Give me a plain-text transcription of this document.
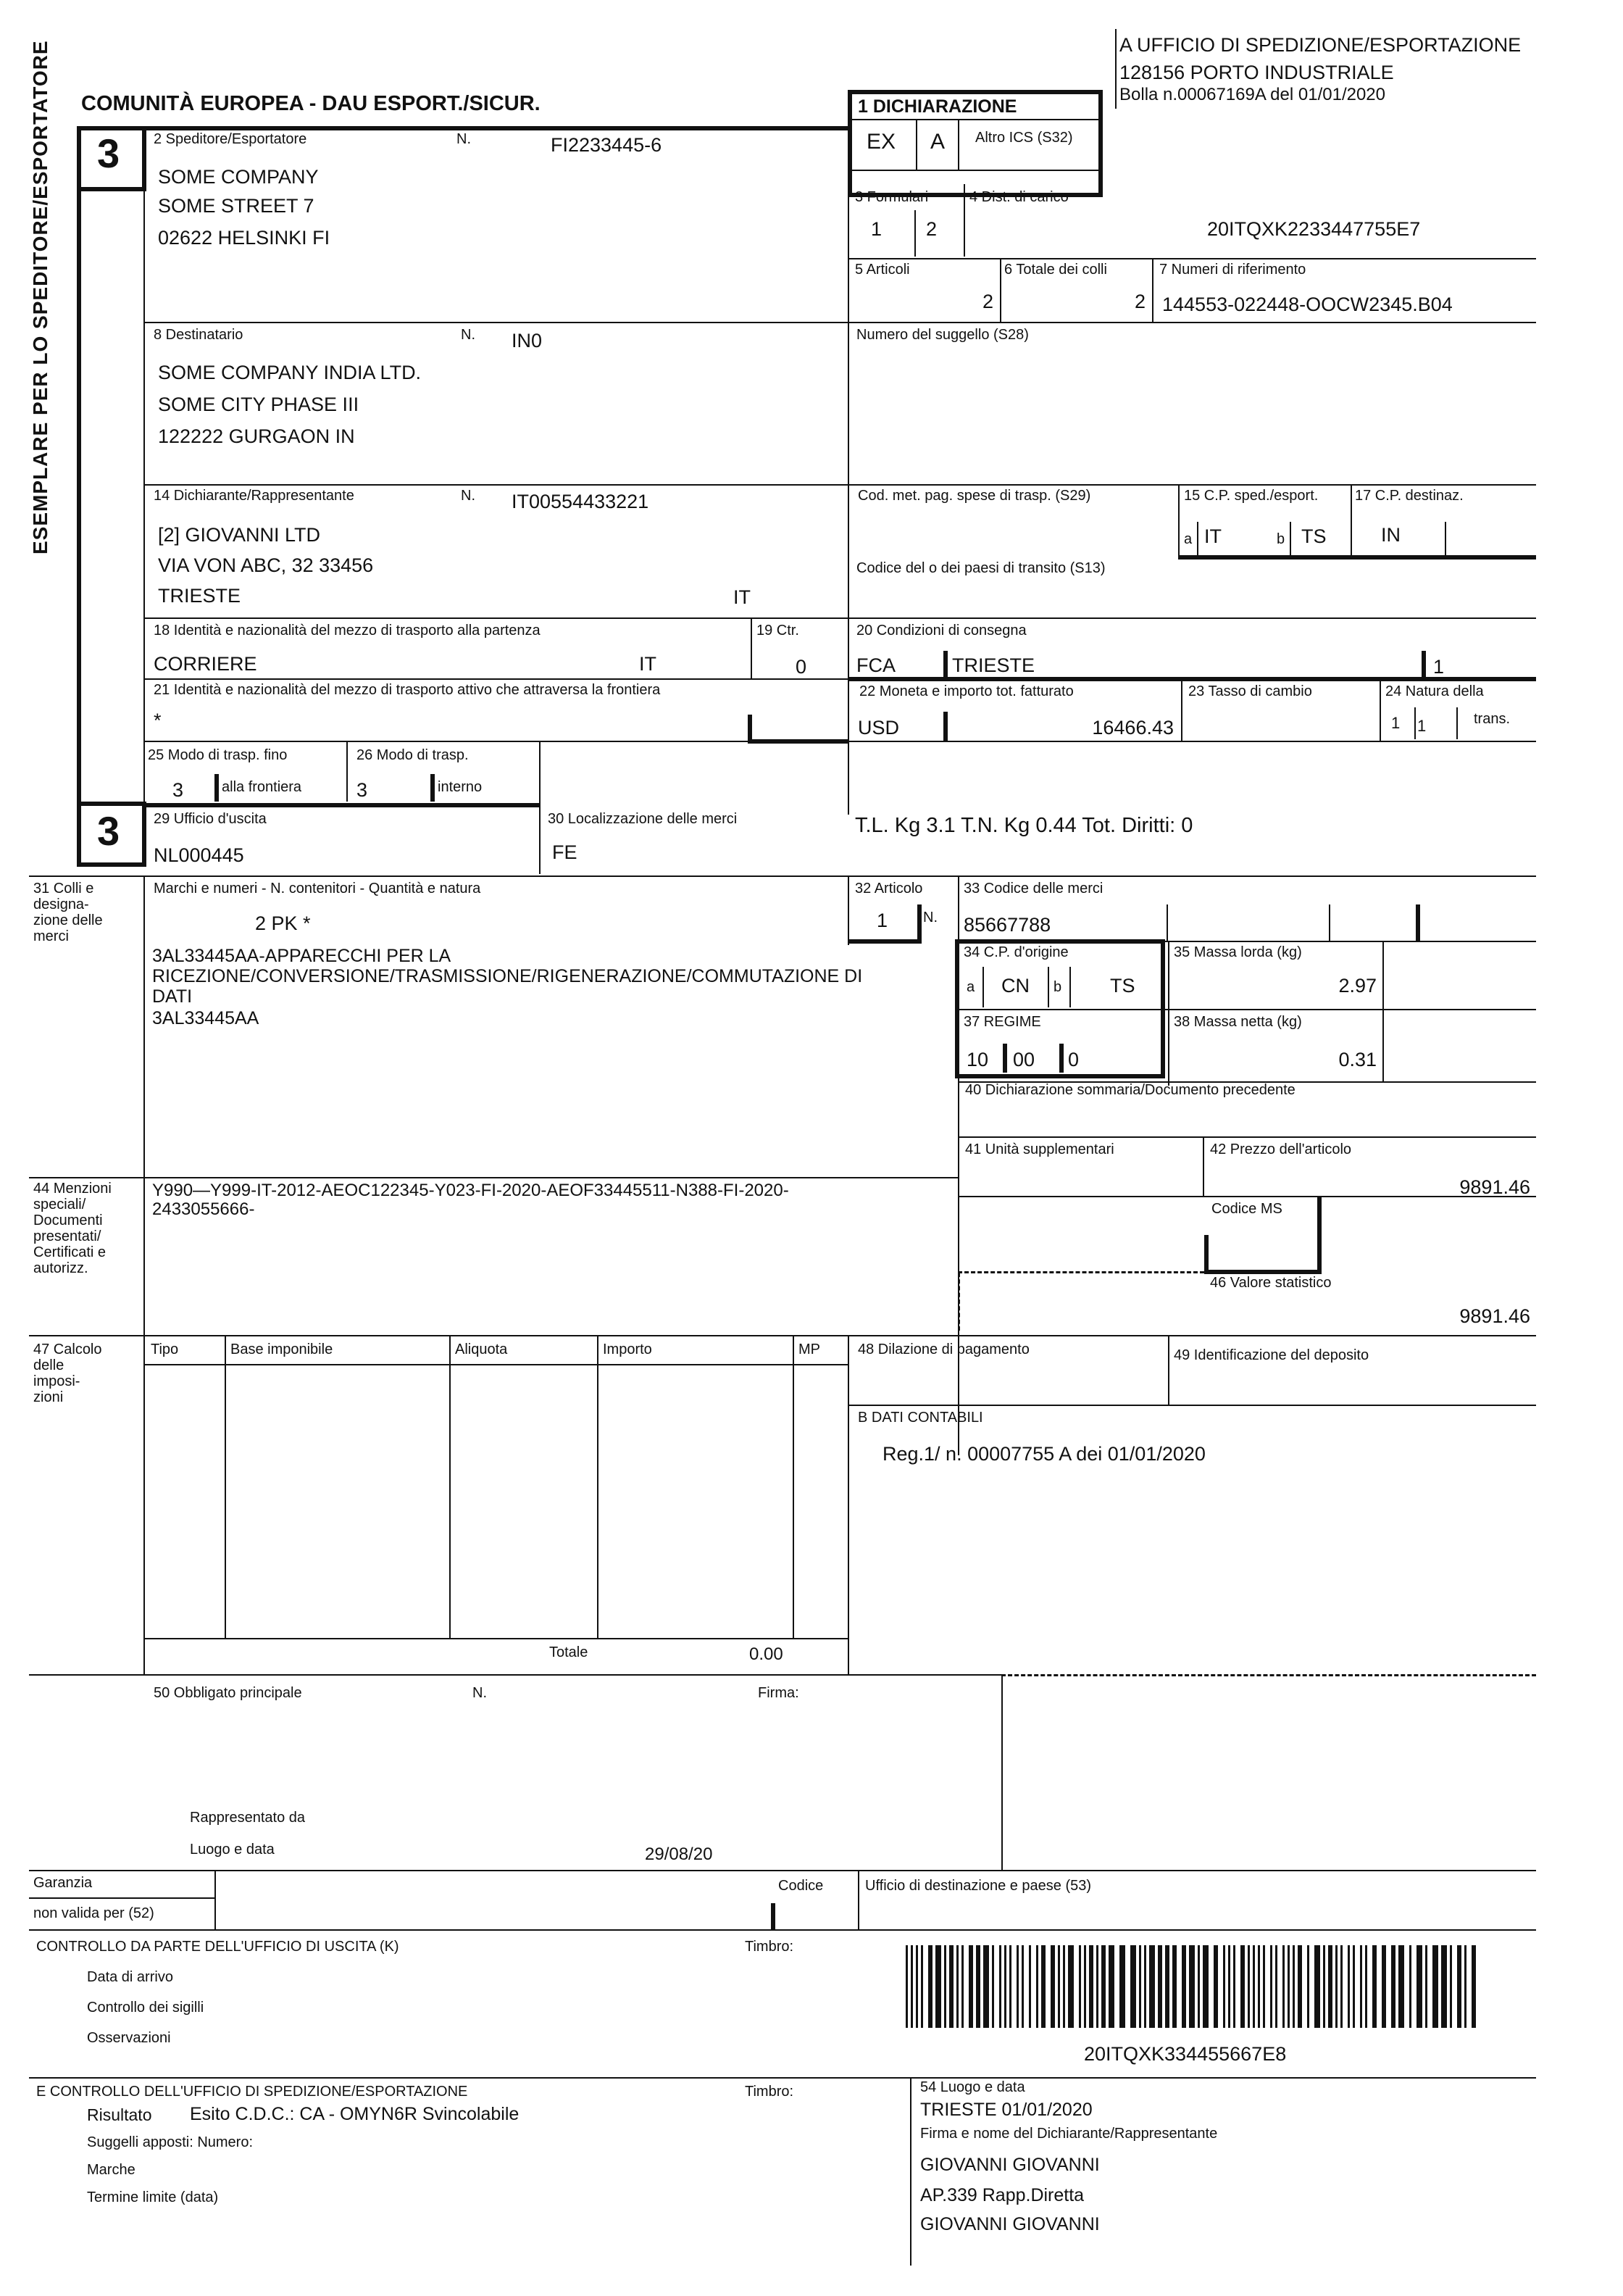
A UFFICIO DI SPEDIZIONE/ESPORTAZIONE
128156 PORTO INDUSTRIALE
Bolla n.00067169A del 01/01/2020
COMUNITÀ EUROPEA - DAU ESPORT./SICUR.
3
3
ESEMPLARE PER LO SPEDITORE/ESPORTATORE	1 DICHIARAZIONE
EX A Altro ICS (S32)
2 Speditore/Esportatore	N.	FI2233445-6
SOME COMPANY
SOME STREET 7
02622 HELSINKI FI
3 Formulari
1 2
4 Dist. di carico
20ITQXK2233447755E7
5 Articoli
2
6 Totale dei colli
2
7 Numeri di riferimento
144553-022448-OOCW2345.B04
8 Destinatario	N. IN0
SOME COMPANY INDIA LTD.
SOME CITY PHASE III
122222 GURGAON IN
Numero del suggello (S28)
14 Dichiarante/Rappresentante	N. IT00554433221
[2] GIOVANNI LTD
VIA VON ABC, 32 33456
TRIESTE	IT
Cod. met. pag. spese di trasp. (S29)	15 C.P. sped./esport.
a IT	b TS
17 C.P. destinaz.
IN
Codice del o dei paesi di transito (S13)
18 Identità e nazionalità del mezzo di trasporto alla partenza
CORRIERE	IT
19 Ctr.
0
20 Condizioni di consegna
FCA	TRIESTE	1
21 Identità e nazionalità del mezzo di trasporto attivo che attraversa la frontiera
*
22 Moneta e importo tot. fatturato
USD	16466.43
23 Tasso di cambio	24 Natura della
trans.
1 1
25 Modo di trasp. fino
3	alla frontiera
26 Modo di trasp.
3	interno
29 Ufficio d'uscita
NL000445
30 Localizzazione delle merci
FE
T.L. Kg 3.1 T.N. Kg 0.44 Tot. Diritti: 0
31 Colli e
designa-
zione delle
merci
Marchi e numeri - N. contenitori - Quantità e natura
2 PK *
3AL33445AA-APPARECCHI PER LA
RICEZIONE/CONVERSIONE/TRASMISSIONE/RIGENERAZIONE/COMMUTAZIONE DI
DATI
3AL33445AA
32 Articolo
1 N.
33 Codice delle merci
85667788
34 C.P. d'origine
a CN b TS
35 Massa lorda (kg)
2.97
37 REGIME
10 00 0
38 Massa netta (kg)
0.31
40 Dichiarazione sommaria/Documento precedente
41 Unità supplementari	42 Prezzo dell'articolo
9891.46
Codice MS
44 Menzioni
speciali/
Documenti
presentati/
Certificati e
autorizz.
Y990—Y999-IT-2012-AEOC122345-Y023-FI-2020-AEOF33445511-N388-FI-2020-
2433055666-
46 Valore statistico
9891.46
47 Calcolo
delle
imposi-
zioni
Tipo	Base imponibile	Aliquota	Importo	MP
Totale	0.00
48 Dilazione di pagamento	49 Identificazione del deposito
B DATI CONTABILI
Reg.1/ n. 00007755 A dei 01/01/2020
50 Obbligato principale	N.	Firma:
Rappresentato da
Luogo e data	29/08/20
Garanzia
non valida per (52)
Codice	Ufficio di destinazione e paese (53)
CONTROLLO DA PARTE DELL'UFFICIO DI USCITA (K)	Timbro:
Data di arrivo
Controllo dei sigilli
Osservazioni
20ITQXK334455667E8
E CONTROLLO DELL'UFFICIO DI SPEDIZIONE/ESPORTAZIONE	Timbro:
Risultato Esito C.D.C.: CA - OMYN6R Svincolabile
Suggelli apposti: Numero:
Marche
Termine limite (data)
54 Luogo e data
TRIESTE 01/01/2020
Firma e nome del Dichiarante/Rappresentante
GIOVANNI GIOVANNI
AP.339 Rapp.Diretta
GIOVANNI GIOVANNI
